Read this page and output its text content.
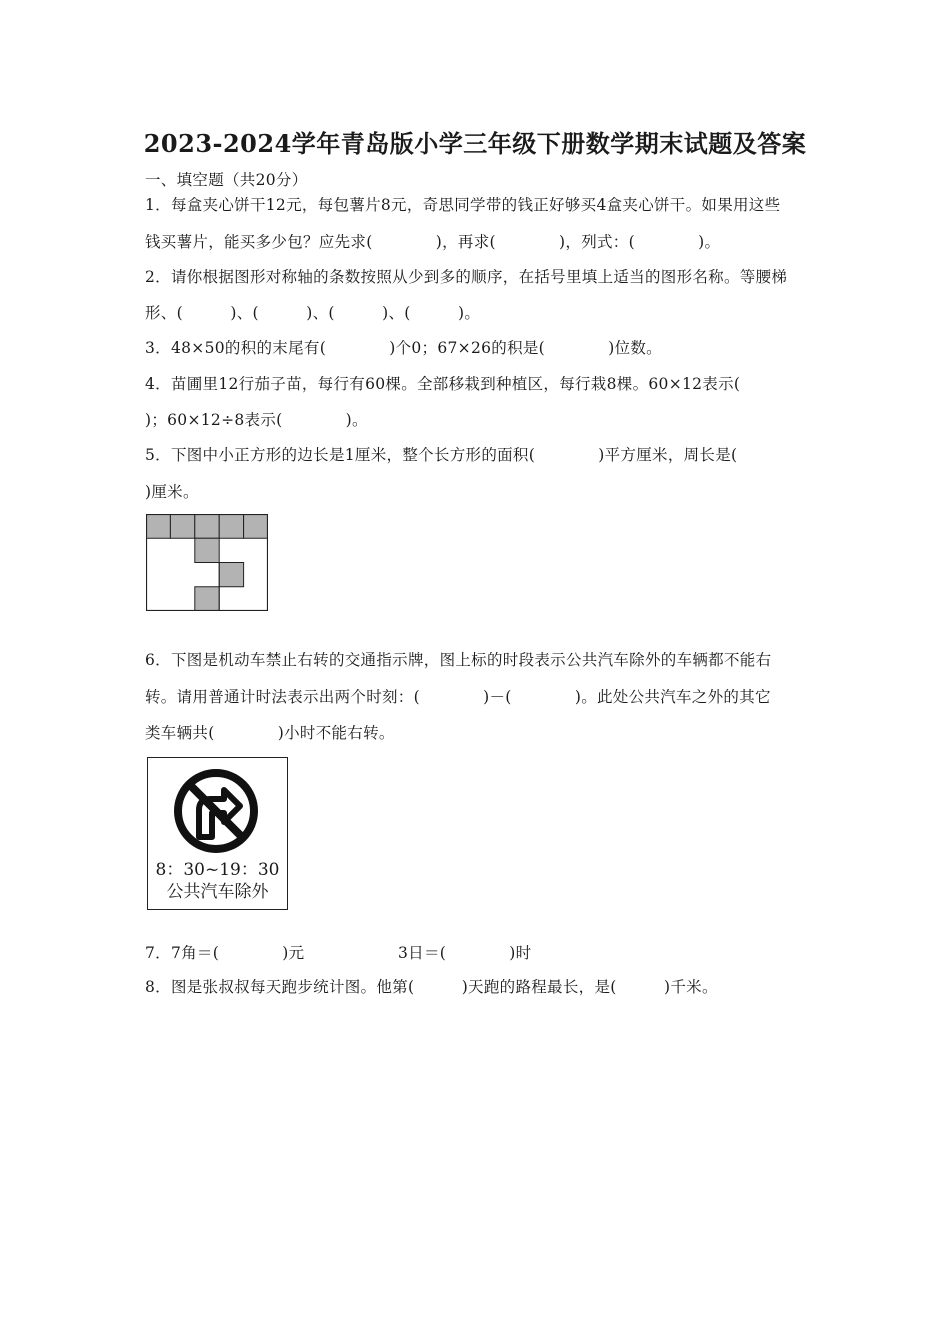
2023-2024学年青岛版小学三年级下册数学期末试题及答案
一、填空题（共20分）
1．每盒夹心饼干12元，每包薯片8元，奇思同学带的钱正好够买4盒夹心饼干。如果用这些
钱买薯片，能买多少包？应先求(　　　　)，再求(　　　　)，列式：(　　　　)。
2．请你根据图形对称轴的条数按照从少到多的顺序，在括号里填上适当的图形名称。等腰梯
形、(　　　)、(　　　)、(　　　)、(　　　)。
3．48×50的积的末尾有(　　　　)个0；67×26的积是(　　　　)位数。
4．苗圃里12行茄子苗，每行有60棵。全部移栽到种植区，每行栽8棵。60×12表示(
)；60×12÷8表示(　　　　)。
5．下图中小正方形的边长是1厘米，整个长方形的面积(　　　　)平方厘米，周长是(
)厘米。
6．下图是机动车禁止右转的交通指示牌，图上标的时段表示公共汽车除外的车辆都不能右
转。请用普通计时法表示出两个时刻：(　　　　)－(　　　　)。此处公共汽车之外的其它
类车辆共(　　　　)小时不能右转。
8：30~19：30
公共汽车除外
7．7角＝(　　　　)元	3日＝(　　　　)时
8．图是张叔叔每天跑步统计图。他第(　　　)天跑的路程最长，是(　　　)千米。
